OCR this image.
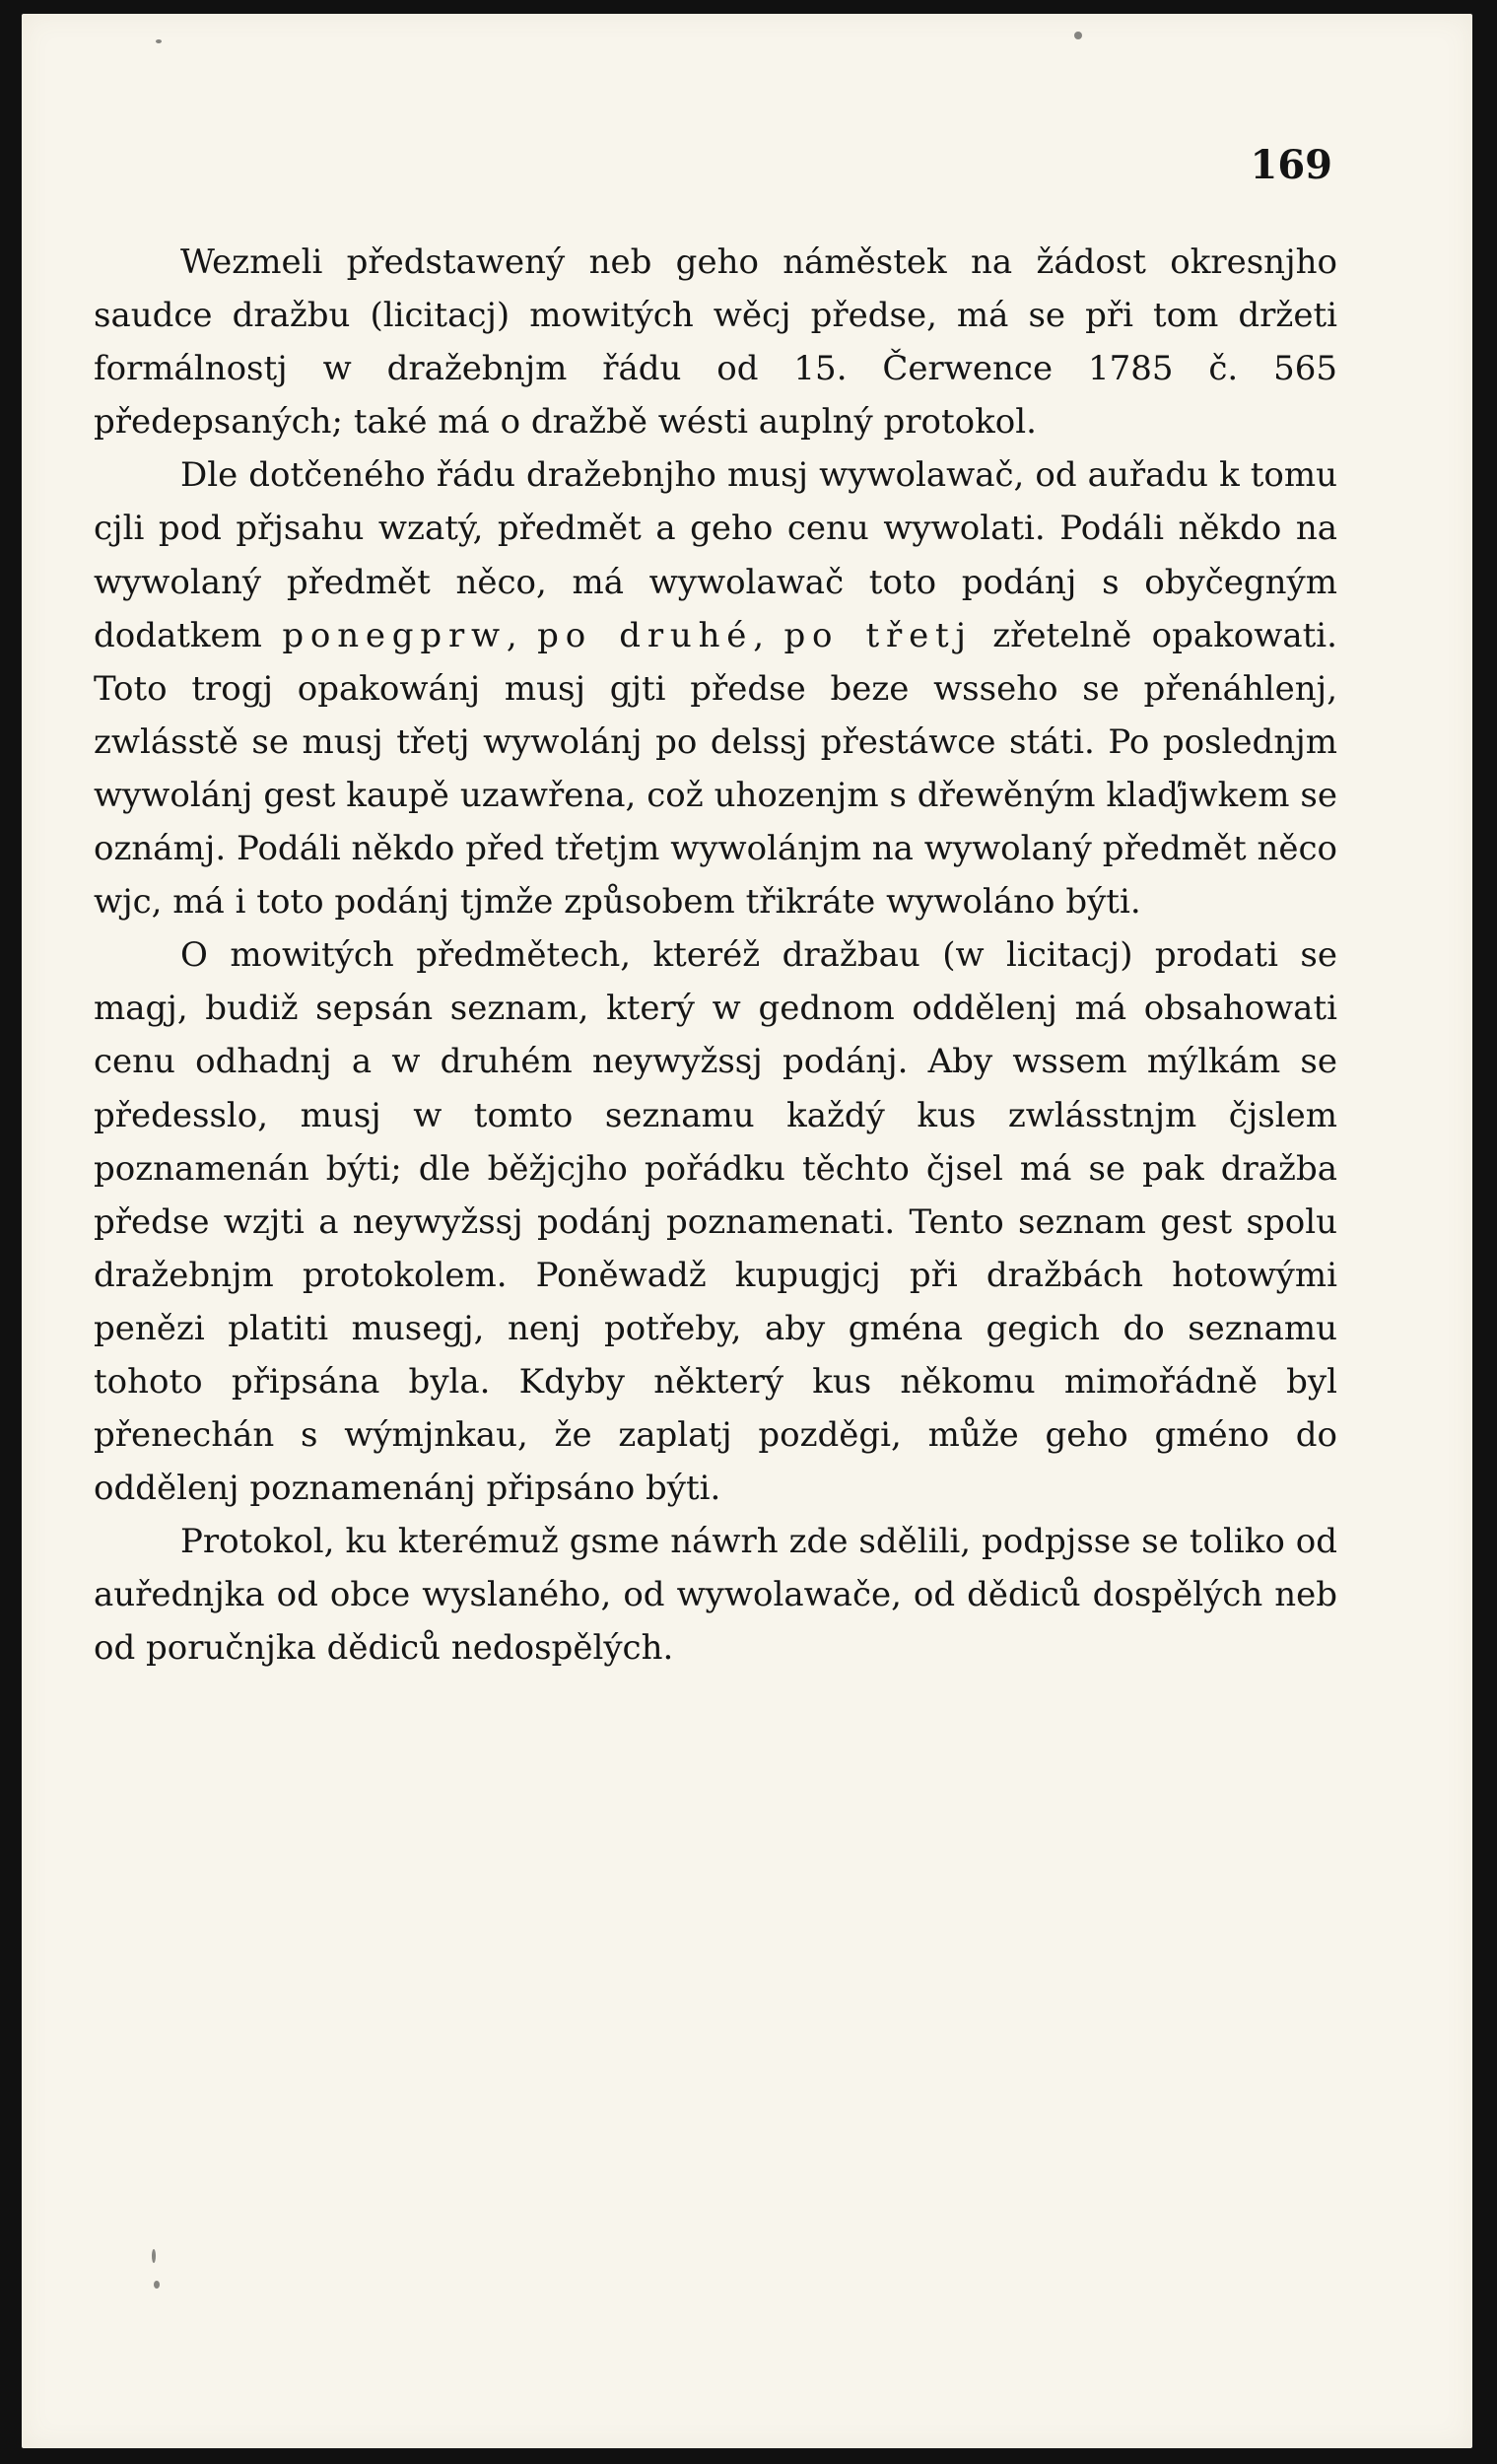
169

Wezmeli předstawený neb geho náměstek na žádost okresnjho saudce dražbu (licitacj) mowitých wěcj předse, má se při tom držeti formálnostj w dražebnjm řádu od 15. Čerwence 1785 č. 565 předepsaných; také má o dražbě wésti auplný protokol.

Dle dotčeného řádu dražebnjho musj wywolawač, od auřadu k tomu cjli pod přjsahu wzatý, předmět a geho cenu wywolati. Podáli někdo na wywolaný předmět něco, má wywolawač toto podánj s obyčegným dodatkem ponegprw, po druhé, po třetj zřetelně opakowati. Toto trogj opakowánj musj gjti předse beze wsseho se přenáhlenj, zwlásstě se musj třetj wywolánj po delssj přestáwce státi. Po poslednjm wywolánj gest kaupě uzawřena, což uhozenjm s dřewěným klaďjwkem se oznámj. Podáli někdo před třetjm wywolánjm na wywolaný předmět něco wjc, má i toto podánj tjmže způsobem třikráte wywoláno býti.

O mowitých předmětech, kteréž dražbau (w licitacj) prodati se magj, budiž sepsán seznam, který w gednom oddělenj má obsahowati cenu odhadnj a w druhém neywyžssj podánj. Aby wssem mýlkám se předesslo, musj w tomto seznamu každý kus zwlásstnjm čjslem poznamenán býti; dle běžjcjho pořádku těchto čjsel má se pak dražba předse wzjti a neywyžssj podánj poznamenati. Tento seznam gest spolu dražebnjm protokolem. Poněwadž kupugjcj při dražbách hotowými penězi platiti musegj, nenj potřeby, aby gména gegich do seznamu tohoto připsána byla. Kdyby některý kus někomu mimořádně byl přenechán s wýmjnkau, že zaplatj pozděgi, může geho gméno do oddělenj poznamenánj připsáno býti.

Protokol, ku kterémuž gsme náwrh zde sdělili, podpjsse se toliko od auřednjka od obce wyslaného, od wywolawače, od dědiců dospělých neb od poručnjka dědiců nedospělých.
